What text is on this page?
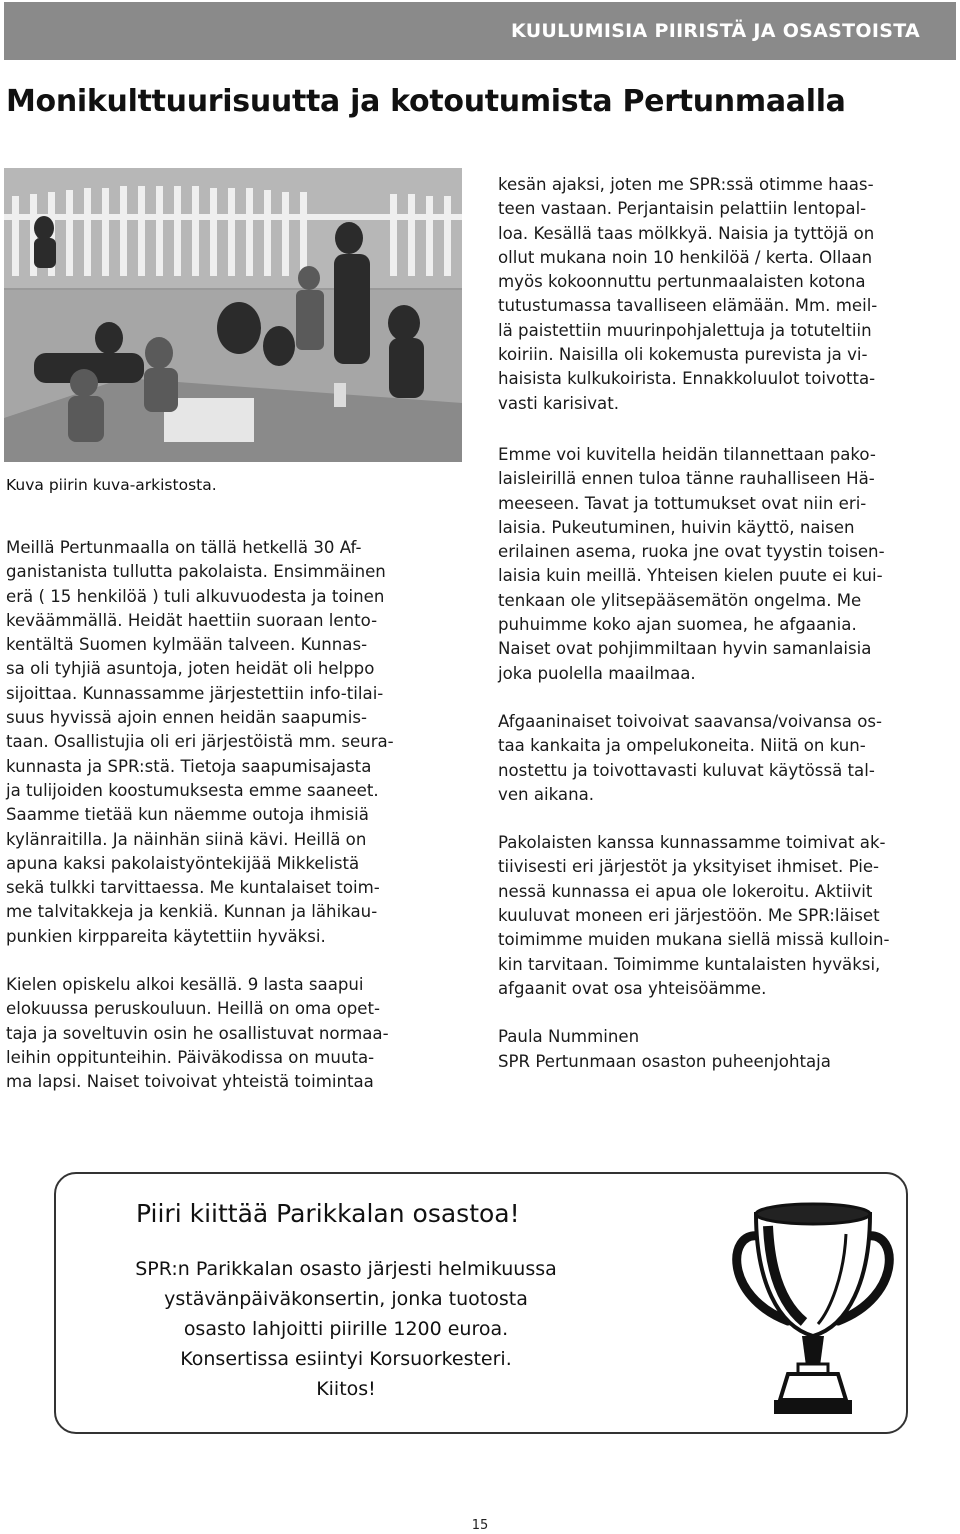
KUULUMISIA PIIRISTÄ JA OSASTOISTA
Monikulttuurisuutta ja kotoutumista Pertunmaalla
Kuva piirin kuva-arkistosta.

Meillä Pertunmaalla on tällä hetkellä 30 Af-
ganistanista tullutta pakolaista. Ensimmäinen
erä ( 15 henkilöä ) tuli alkuvuodesta ja toinen
keväämmällä. Heidät haettiin suoraan lento-
kentältä Suomen kylmään talveen. Kunnas-
sa oli tyhjiä asuntoja, joten heidät oli helppo
sijoittaa. Kunnassamme järjestettiin info-tilai-
suus hyvissä ajoin ennen heidän saapumis-
taan. Osallistujia oli eri järjestöistä mm. seura-
kunnasta ja SPR:stä. Tietoja saapumisajasta
ja tulijoiden koostumuksesta emme saaneet.
Saamme tietää kun näemme outoja ihmisiä
kylänraitilla. Ja näinhän siinä kävi. Heillä on
apuna kaksi pakolaistyöntekijää Mikkelistä
sekä tulkki tarvittaessa. Me kuntalaiset toim-
me talvitakkeja ja kenkiä. Kunnan ja lähikau-
punkien kirppareita käytettiin hyväksi.

Kielen opiskelu alkoi kesällä. 9 lasta saapui
elokuussa peruskouluun. Heillä on oma opet-
taja ja soveltuvin osin he osallistuvat normaa-
leihin oppitunteihin. Päiväkodissa on muuta-
ma lapsi. Naiset toivoivat yhteistä toimintaa

kesän ajaksi, joten me SPR:ssä otimme haas-
teen vastaan. Perjantaisin pelattiin lentopal-
loa. Kesällä taas mölkkyä. Naisia ja tyttöjä on
ollut mukana noin 10 henkilöä / kerta. Ollaan
myös kokoonnuttu pertunmaalaisten kotona
tutustumassa tavalliseen elämään. Mm. meil-
lä paistettiin muurinpohjalettuja ja totuteltiin
koiriin. Naisilla oli kokemusta purevista ja vi-
haisista kulkukoirista. Ennakkoluulot toivotta-
vasti karisivat.

Emme voi kuvitella heidän tilannettaan pako-
laisleirillä ennen tuloa tänne rauhalliseen Hä-
meeseen. Tavat ja tottumukset ovat niin eri-
laisia. Pukeutuminen, huivin käyttö, naisen
erilainen asema, ruoka jne ovat tyystin toisen-
laisia kuin meillä. Yhteisen kielen puute ei kui-
tenkaan ole ylitsepääsemätön ongelma. Me
puhuimme koko ajan suomea, he afgaania.
Naiset ovat pohjimmiltaan hyvin samanlaisia
joka puolella maailmaa.

Afgaaninaiset toivoivat saavansa/voivansa os-
taa kankaita ja ompelukoneita. Niitä on kun-
nostettu ja toivottavasti kuluvat käytössä tal-
ven aikana.

Pakolaisten kanssa kunnassamme toimivat ak-
tiivisesti eri järjestöt ja yksityiset ihmiset. Pie-
nessä kunnassa ei apua ole lokeroitu. Aktiivit
kuuluvat moneen eri järjestöön. Me SPR:läiset
toimimme muiden mukana siellä missä kulloin-
kin tarvitaan. Toimimme kuntalaisten hyväksi,
afgaanit ovat osa yhteisöämme.

Paula Numminen

SPR Pertunmaan osaston puheenjohtaja

Piiri kiittää Parikkalan osastoa!
SPR:n Parikkalan osasto järjesti helmikuussa
ystävänpäiväkonsertin, jonka tuotosta
osasto lahjoitti piirille 1200 euroa.
Konsertissa esiintyi Korsuorkesteri.
Kiitos!
15
